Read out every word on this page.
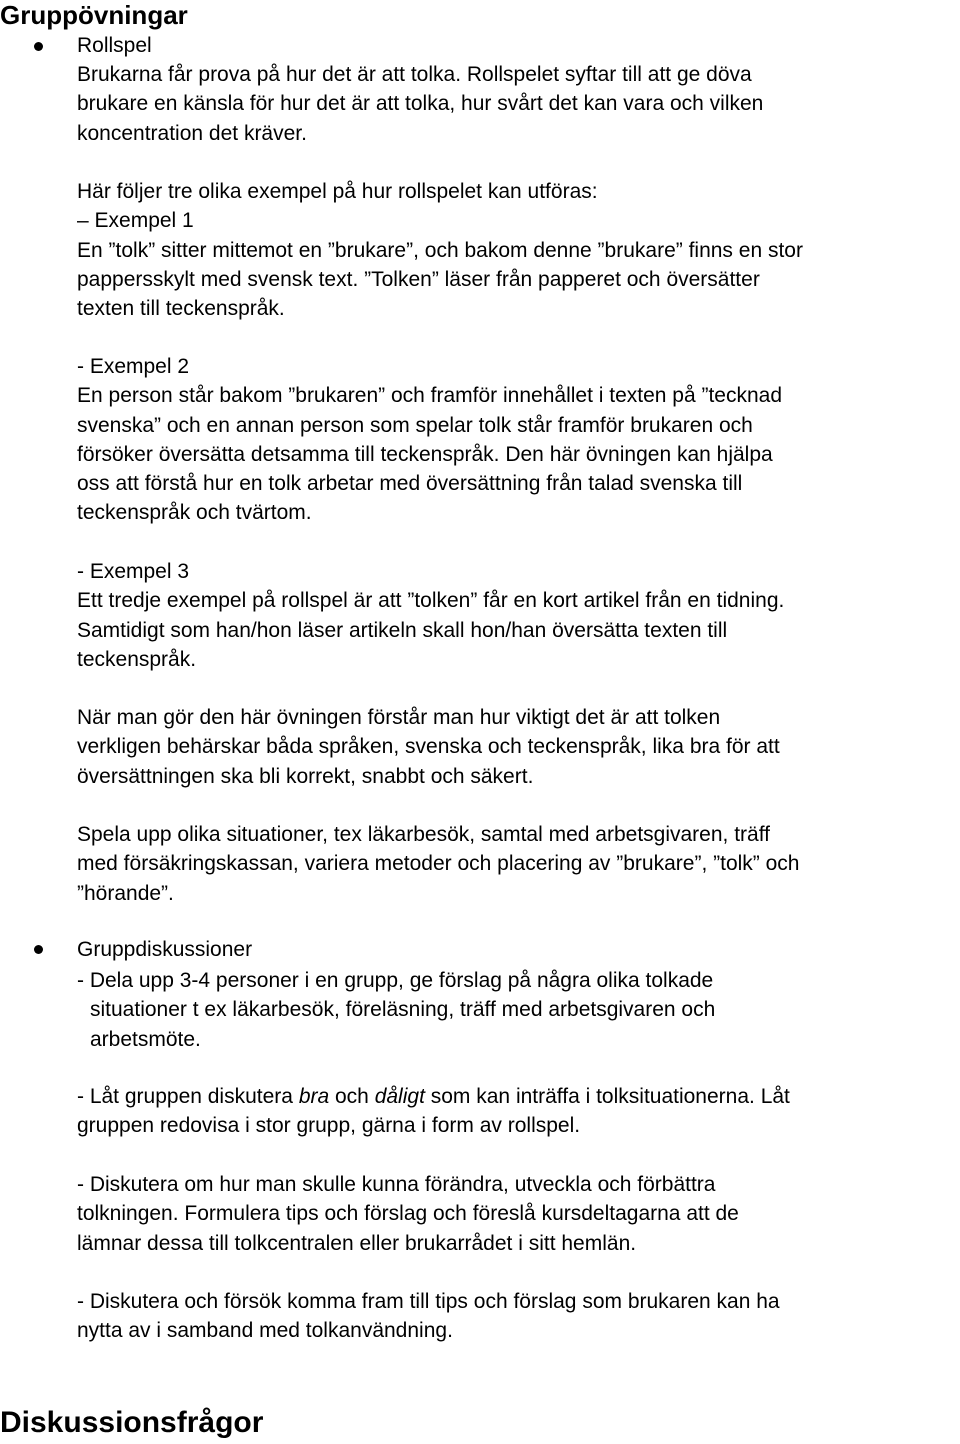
Gruppövningar
Rollspel
Brukarna får prova på hur det är att tolka. Rollspelet syftar till att ge döva
brukare en känsla för hur det är att tolka, hur svårt det kan vara och vilken
koncentration det kräver.
Här följer tre olika exempel på hur rollspelet kan utföras:
– Exempel 1
En ”tolk” sitter mittemot en ”brukare”, och bakom denne ”brukare” finns en stor
pappersskylt med svensk text. ”Tolken” läser från papperet och översätter
texten till teckenspråk.
- Exempel 2
En person står bakom ”brukaren” och framför innehållet i texten på ”tecknad
svenska” och en annan person som spelar tolk står framför brukaren och
försöker översätta detsamma till teckenspråk. Den här övningen kan hjälpa
oss att förstå hur en tolk arbetar med översättning från talad svenska till
teckenspråk och tvärtom.
- Exempel 3
Ett tredje exempel på rollspel är att ”tolken” får en kort artikel från en tidning.
Samtidigt som han/hon läser artikeln skall hon/han översätta texten till
teckenspråk.
När man gör den här övningen förstår man hur viktigt det är att tolken
verkligen behärskar båda språken, svenska och teckenspråk, lika bra för att
översättningen ska bli korrekt, snabbt och säkert.
Spela upp olika situationer, tex läkarbesök, samtal med arbetsgivaren, träff
med försäkringskassan, variera metoder och placering av ”brukare”, ”tolk” och
”hörande”.
Gruppdiskussioner
- Dela upp 3-4 personer i en grupp, ge förslag på några olika tolkade
situationer t ex läkarbesök, föreläsning, träff med arbetsgivaren och
arbetsmöte.
- Låt gruppen diskutera bra och dåligt som kan inträffa i tolksituationerna. Låt
gruppen redovisa i stor grupp, gärna i form av rollspel.
- Diskutera om hur man skulle kunna förändra, utveckla och förbättra
tolkningen. Formulera tips och förslag och föreslå kursdeltagarna att de
lämnar dessa till tolkcentralen eller brukarrådet i sitt hemlän.
- Diskutera och försök komma fram till tips och förslag som brukaren kan ha
nytta av i samband med tolkanvändning.
Diskussionsfrågor
